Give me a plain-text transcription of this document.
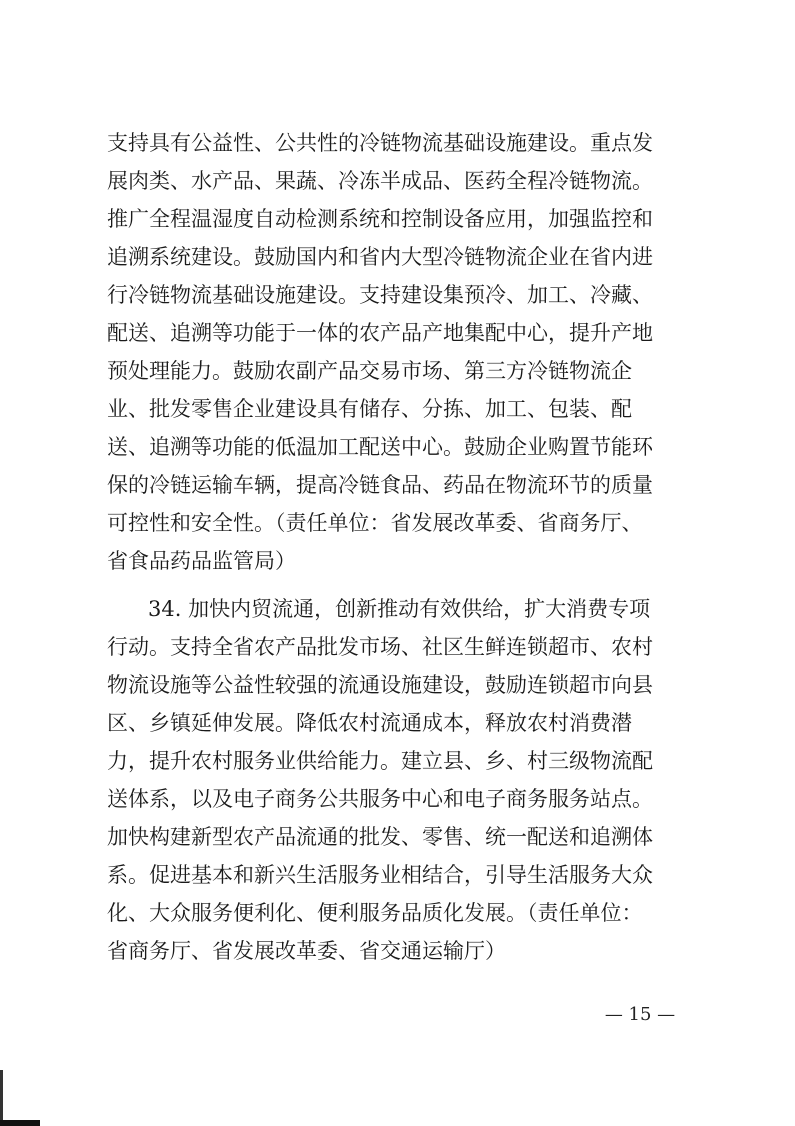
支持具有公益性、公共性的冷链物流基础设施建设。重点发
展肉类、水产品、果蔬、冷冻半成品、医药全程冷链物流。
推广全程温湿度自动检测系统和控制设备应用，加强监控和
追溯系统建设。鼓励国内和省内大型冷链物流企业在省内进
行冷链物流基础设施建设。支持建设集预冷、加工、冷藏、
配送、追溯等功能于一体的农产品产地集配中心，提升产地
预处理能力。鼓励农副产品交易市场、第三方冷链物流企
业、批发零售企业建设具有储存、分拣、加工、包装、配
送、追溯等功能的低温加工配送中心。鼓励企业购置节能环
保的冷链运输车辆，提高冷链食品、药品在物流环节的质量
可控性和安全性。（责任单位：省发展改革委、省商务厅、
省食品药品监管局）
34. 加快内贸流通，创新推动有效供给，扩大消费专项
行动。支持全省农产品批发市场、社区生鲜连锁超市、农村
物流设施等公益性较强的流通设施建设，鼓励连锁超市向县
区、乡镇延伸发展。降低农村流通成本，释放农村消费潜
力，提升农村服务业供给能力。建立县、乡、村三级物流配
送体系，以及电子商务公共服务中心和电子商务服务站点。
加快构建新型农产品流通的批发、零售、统一配送和追溯体
系。促进基本和新兴生活服务业相结合，引导生活服务大众
化、大众服务便利化、便利服务品质化发展。（责任单位：
省商务厅、省发展改革委、省交通运输厅）
— 15 —
